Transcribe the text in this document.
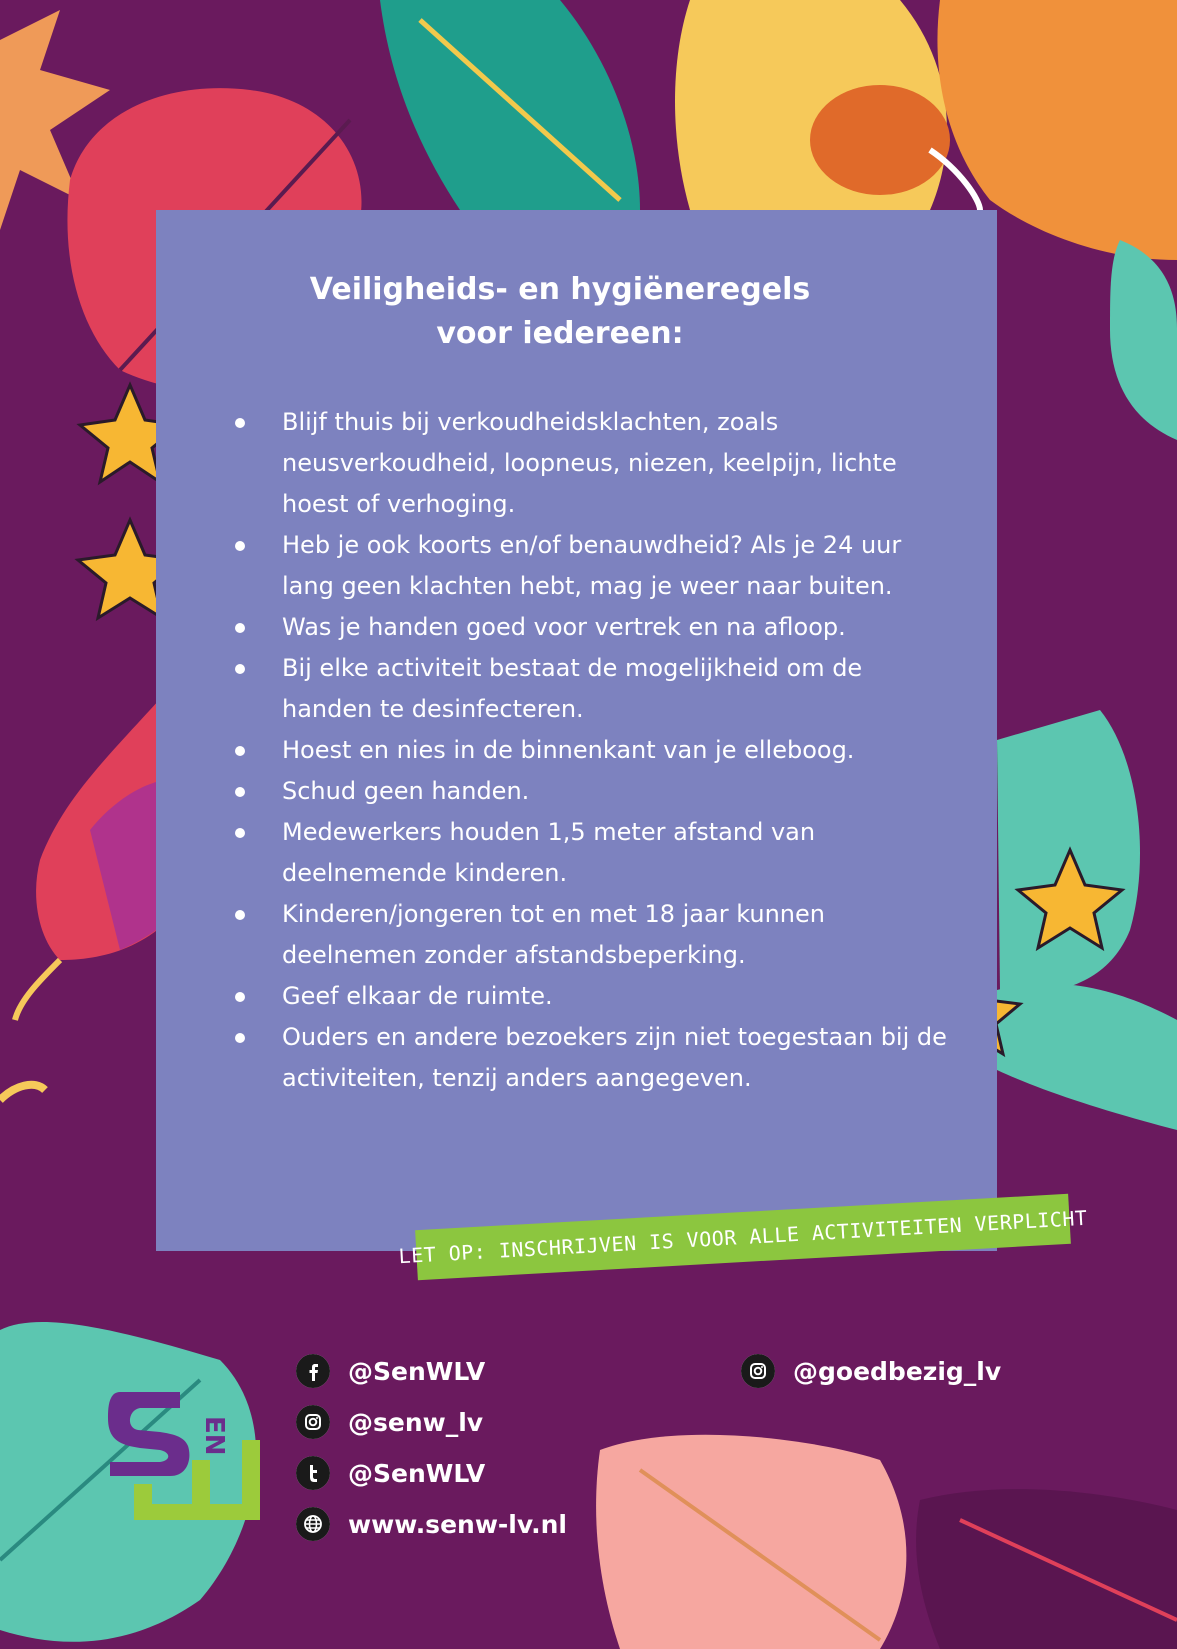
Veiligheids- en hygiëneregels
voor iedereen:
Blijf thuis bij verkoudheidsklachten, zoals neusverkoudheid, loopneus, niezen, keelpijn, lichte hoest of verhoging.
Heb je ook koorts en/of benauwdheid? Als je 24 uur lang geen klachten hebt, mag je weer naar buiten.
Was je handen goed voor vertrek en na afloop.
Bij elke activiteit bestaat de mogelijkheid om de handen te desinfecteren.
Hoest en nies in de binnenkant van je elleboog.
Schud geen handen.
Medewerkers houden 1,5 meter afstand van deelnemende kinderen.
Kinderen/jongeren tot en met 18 jaar kunnen deelnemen zonder afstandsbeperking.
Geef elkaar de ruimte.
Ouders en andere bezoekers zijn niet toegestaan bij de activiteiten, tenzij anders aangegeven.
LET OP: INSCHRIJVEN IS VOOR ALLE ACTIVITEITEN VERPLICHT
EN
@SenWLV
@senw_lv
@SenWLV
www.senw-lv.nl
@goedbezig_lv
